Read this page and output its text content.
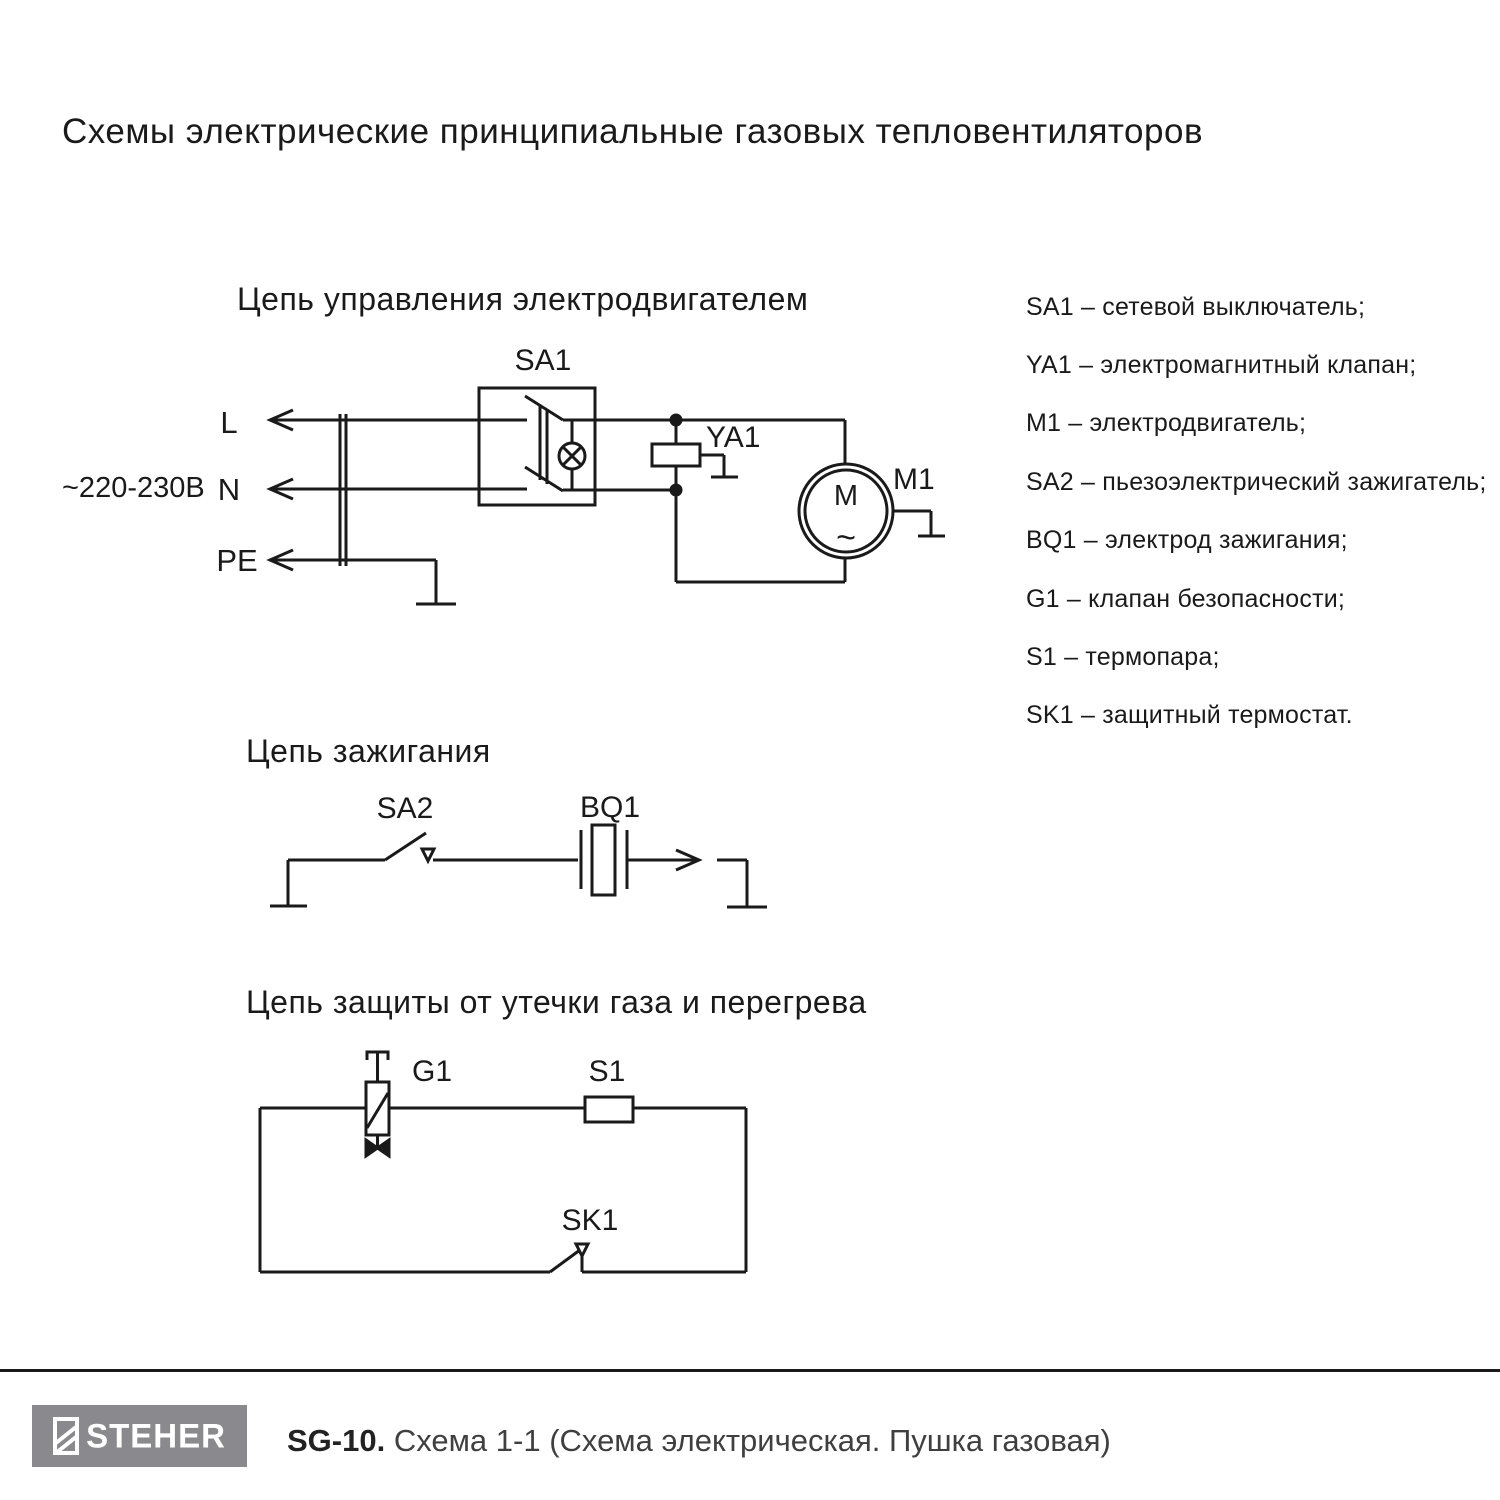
Схемы электрические принципиальные газовых тепловентиляторов
Цепь управления электродвигателем
Цепь зажигания
Цепь защиты от утечки газа и перегрева
~220-230В
L
N
PE
SA1
YA1
M1
M
~
SA2	BQ1
G1	S1
SK1
SA1 – сетевой выключатель;
YA1 – электромагнитный клапан;
M1 – электродвигатель;
SA2 – пьезоэлектрический зажигатель;
BQ1 – электрод зажигания;
G1 – клапан безопасности;
S1 – термопара;
SK1 – защитный термостат.
STEHER SG-10. Схема 1-1 (Схема электрическая. Пушка газовая)
